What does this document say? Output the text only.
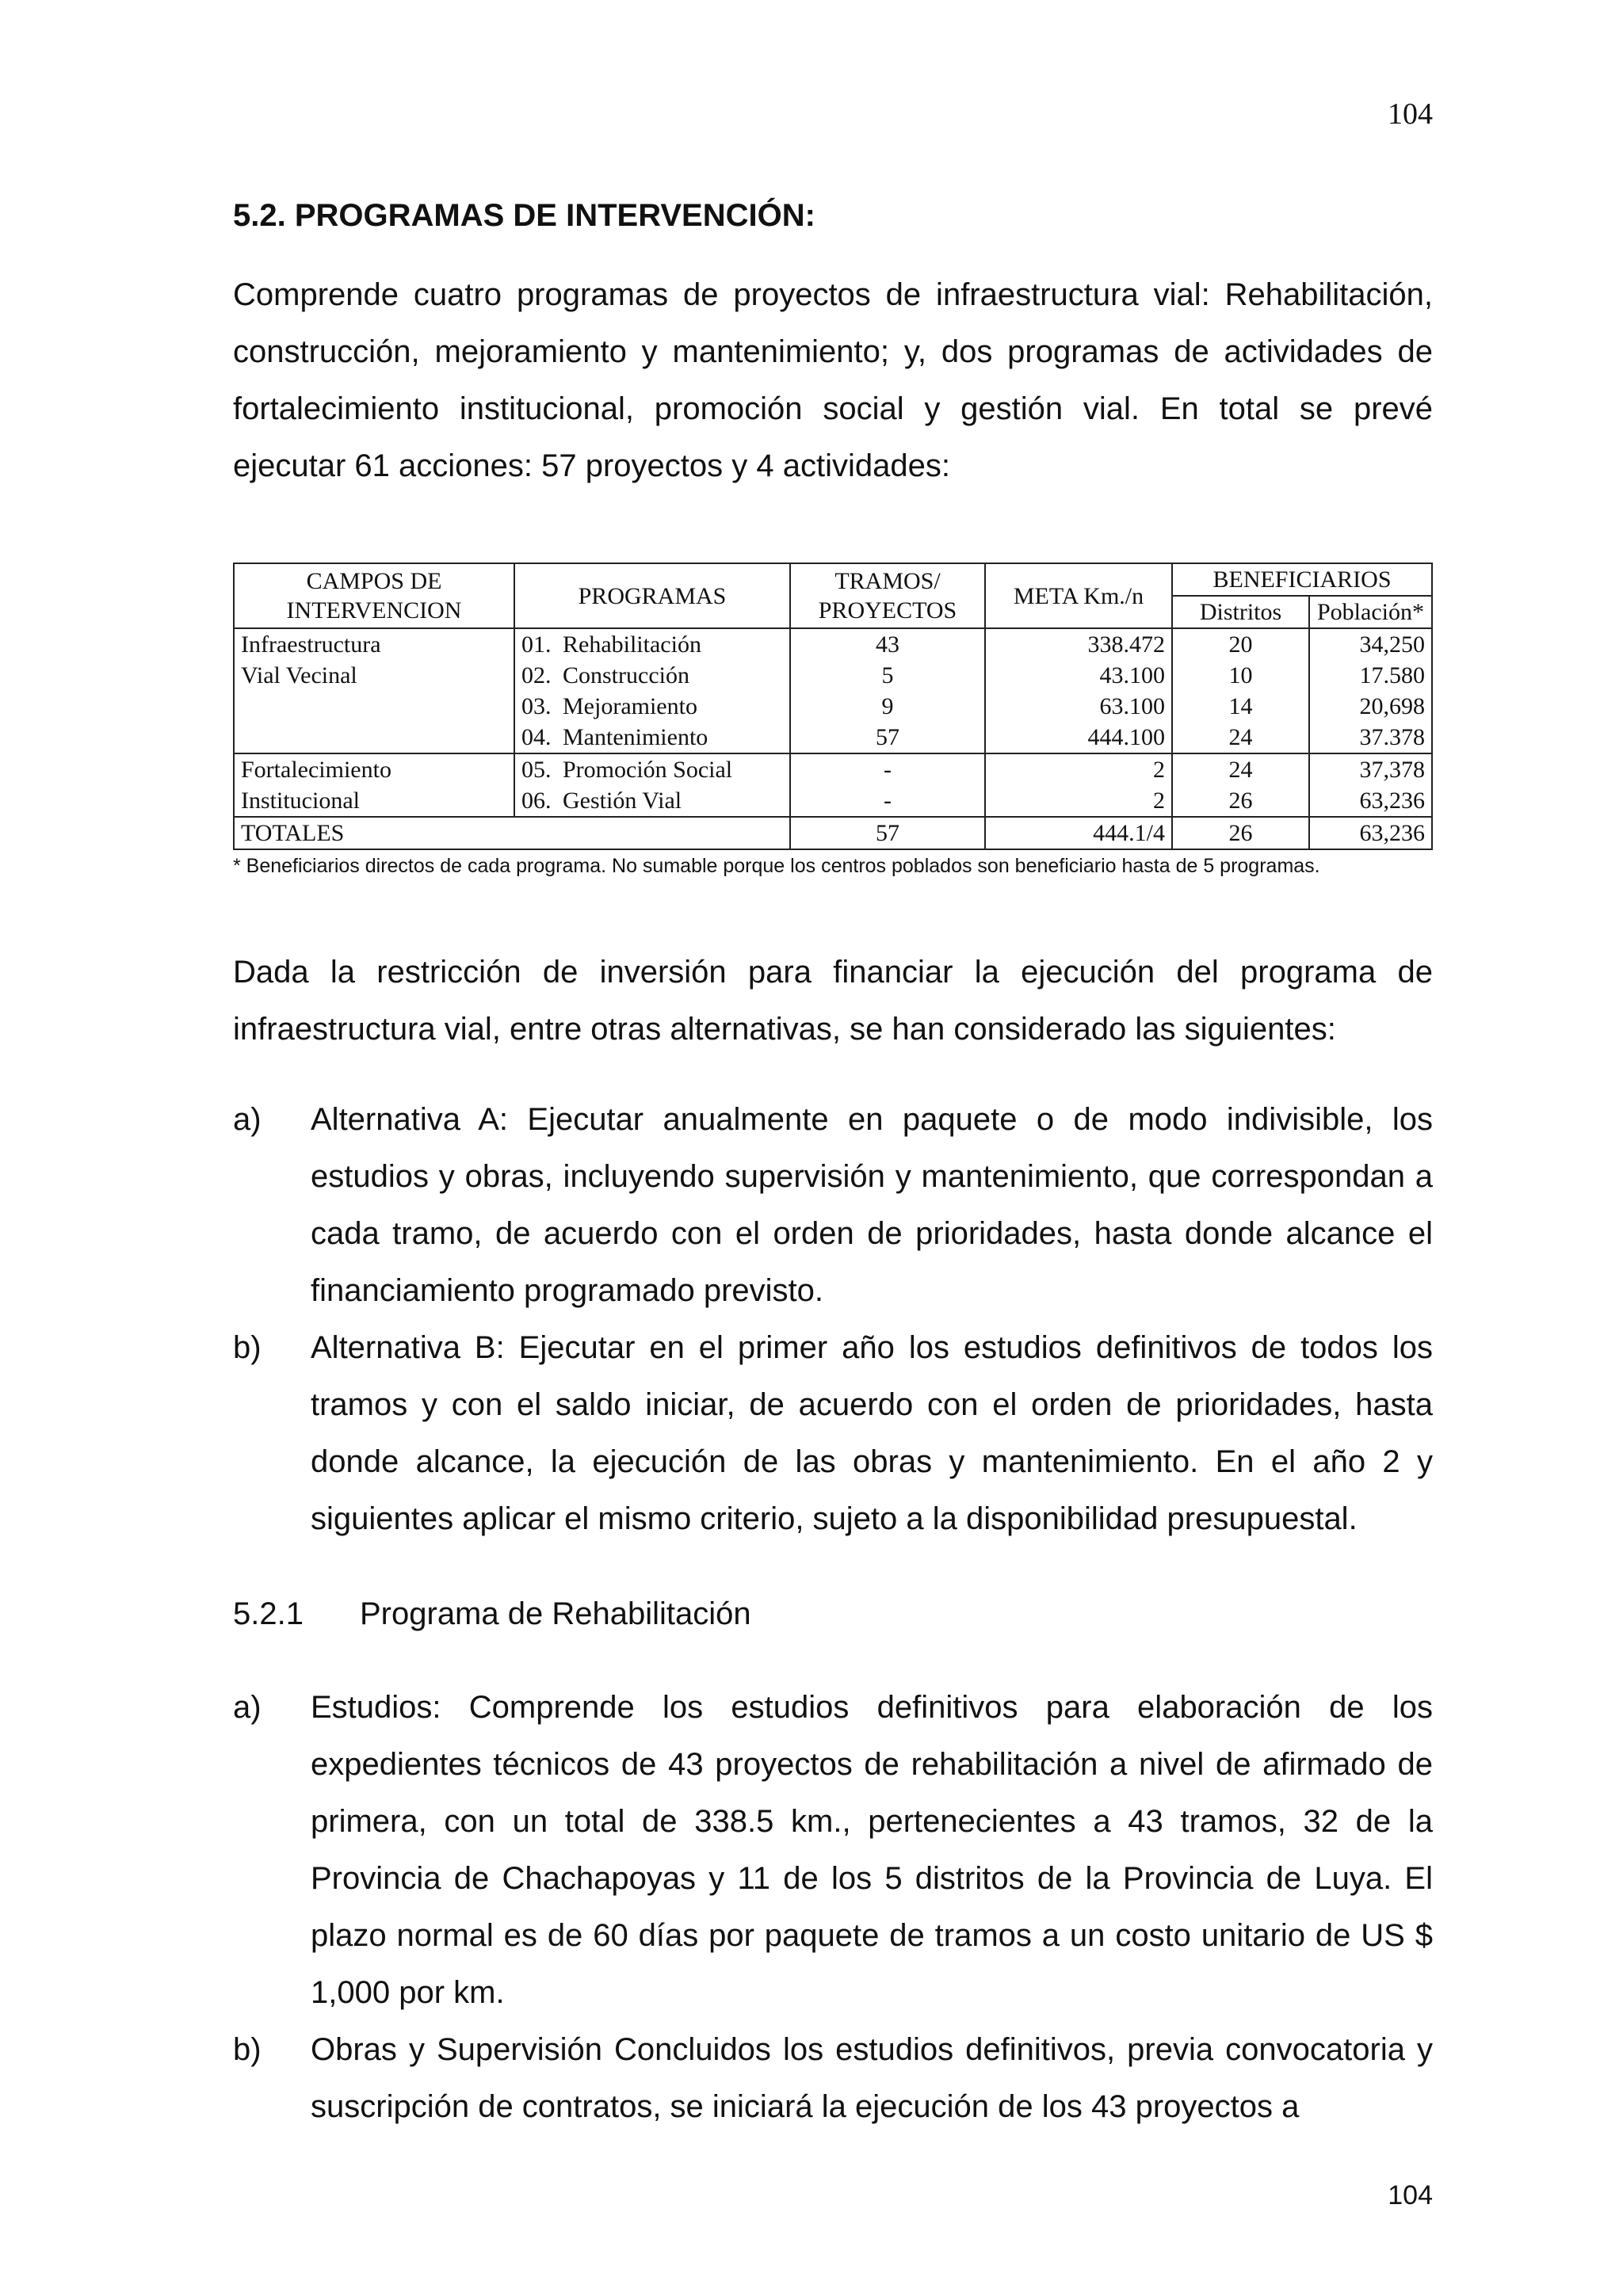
104
5.2. PROGRAMAS DE INTERVENCIÓN:

Comprende cuatro programas de proyectos de infraestructura vial: Rehabilitación, construcción, mejoramiento y mantenimiento; y, dos programas de actividades de fortalecimiento institucional, promoción social y gestión vial. En total se prevé ejecutar 61 acciones: 57 proyectos y 4 actividades:

CAMPOS DE INTERVENCION	PROGRAMAS	TRAMOS/ PROYECTOS	META Km./n	BENEFICIARIOS	
				Distritos	Población*
Infraestructura	01. Rehabilitación	43	338.472	20	34,250
Vial Vecinal	02. Construcción	5	43.100	10	17.580

	03. Mejoramiento	9	63.100	14	20,698

	04. Mantenimiento	57	444.100	24	37.378
Fortalecimiento	05. Promoción Social	-	2	24	37,378
Institucional	06. Gestión Vial	-	2	26	63,236
TOTALES		57	444.1/4	26	63,236
* Beneficiarios directos de cada programa. No sumable porque los centros poblados son beneficiario hasta de 5 programas.

Dada la restricción de inversión para financiar la ejecución del programa de infraestructura vial, entre otras alternativas, se han considerado las siguientes:

a)	Alternativa A: Ejecutar anualmente en paquete o de modo indivisible, los estudios y obras, incluyendo supervisión y mantenimiento, que correspondan a cada tramo, de acuerdo con el orden de prioridades, hasta donde alcance el financiamiento programado previsto.
b)	Alternativa B: Ejecutar en el primer año los estudios definitivos de todos los tramos y con el saldo iniciar, de acuerdo con el orden de prioridades, hasta donde alcance, la ejecución de las obras y mantenimiento. En el año 2 y siguientes aplicar el mismo criterio, sujeto a la disponibilidad presupuestal.
5.2.1	Programa de Rehabilitación
a)	Estudios: Comprende los estudios definitivos para elaboración de los expedientes técnicos de 43 proyectos de rehabilitación a nivel de afirmado de primera, con un total de 338.5 km., pertenecientes a 43 tramos, 32 de la Provincia de Chachapoyas y 11 de los 5 distritos de la Provincia de Luya. El plazo normal es de 60 días por paquete de tramos a un costo unitario de US $ 1,000 por km.
b)	Obras y Supervisión Concluidos los estudios definitivos, previa convocatoria y suscripción de contratos, se iniciará la ejecución de los 43 proyectos a
104
